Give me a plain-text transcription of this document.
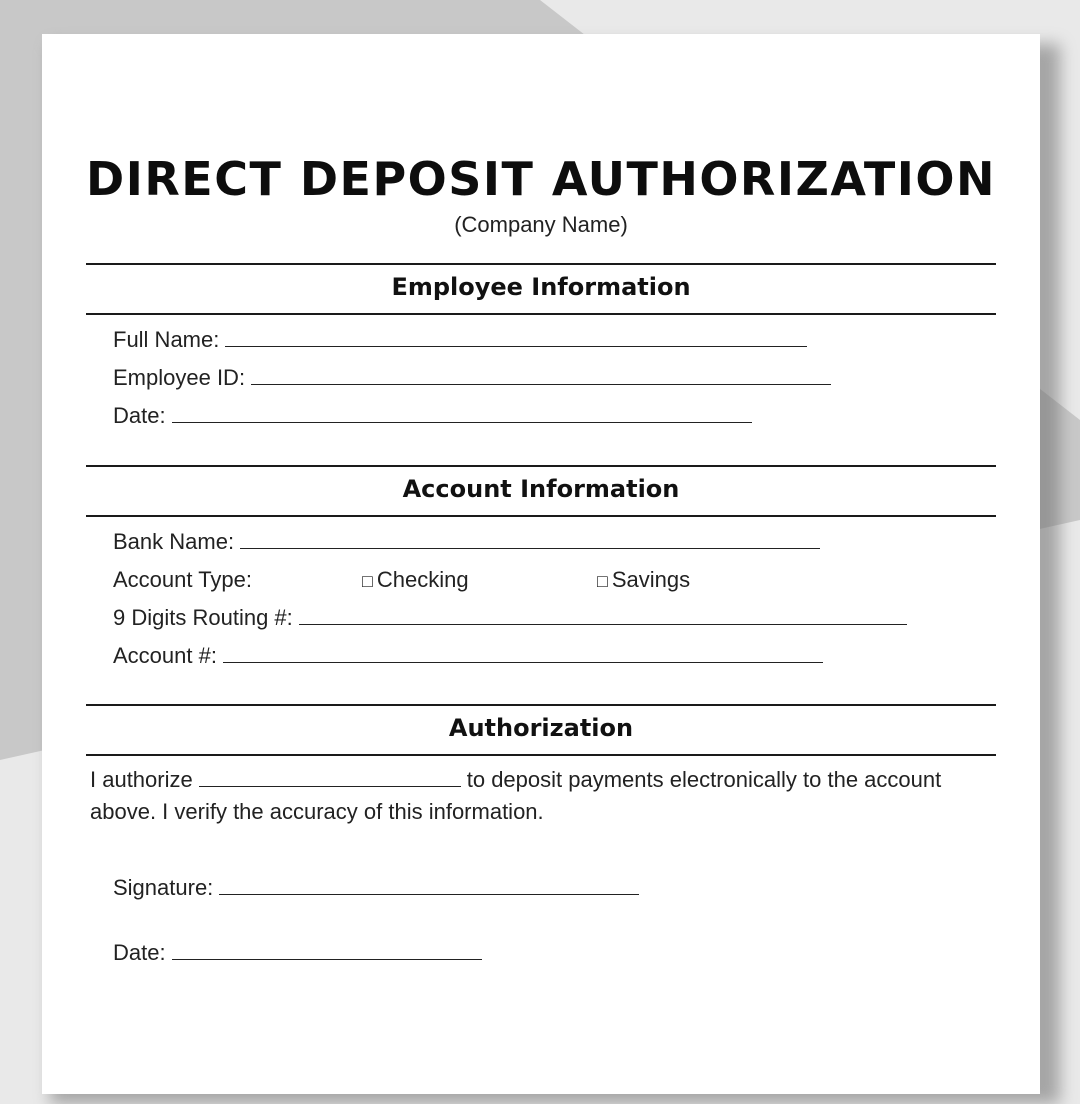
DIRECT DEPOSIT AUTHORIZATION
(Company Name)
Employee Information
Full Name:
Employee ID:
Date:
Account Information
Bank Name:
Account Type:	□ Checking	□ Savings
9 Digits Routing #:
Account #:
Authorization
I authorize	to deposit payments electronically to the account above. I verify the accuracy of this information.
Signature:
Date:
